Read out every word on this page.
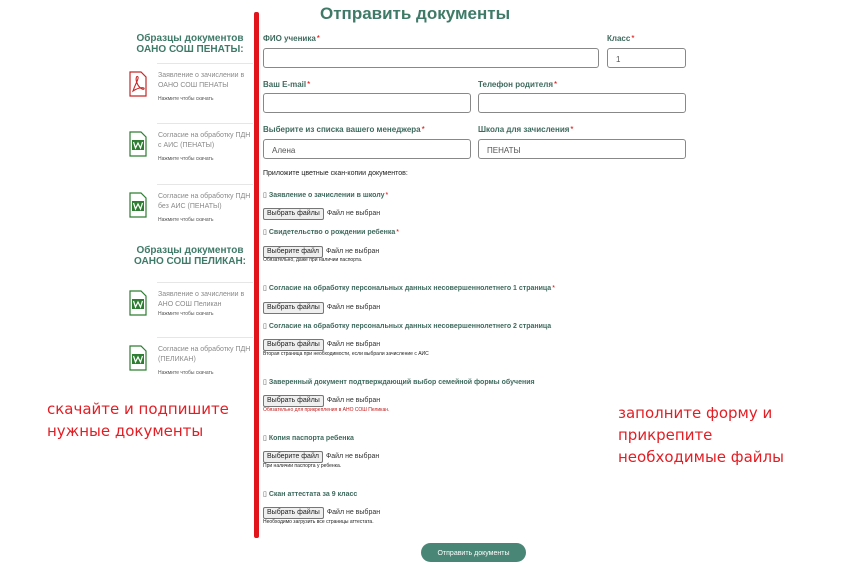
Отправить документы
Образцы документов ОАНО СОШ ПЕНАТЫ:
Заявление о зачислении в ОАНО СОШ ПЕНАТЫ
Нажмите чтобы скачать
Согласие на обработку ПДН с АИС (ПЕНАТЫ)
Нажмите чтобы скачать
Согласие на обработку ПДН без АИС (ПЕНАТЫ)
Нажмите чтобы скачать
Образцы документов ОАНО СОШ ПЕЛИКАН:
Заявление о зачислении в АНО СОШ Пеликан
Нажмите чтобы скачать
Согласие на обработку ПДН (ПЕЛИКАН)
Нажмите чтобы скачать
ФИО ученика*	Класс*
1
Ваш E-mail*	Телефон родителя*
Выберите из списка вашего менеджера*
Алена
Школа для зачисления*
ПЕНАТЫ
Приложите цветные скан-копии документов:
▯ Заявление о зачислении в школу*
Выбрать файлы Файл не выбран
▯ Свидетельство о рождении ребенка*
Выберите файл Файл не выбран
Обязательно, даже при наличии паспорта.
▯ Согласие на обработку персональных данных несовершеннолетнего 1 страница*
Выбрать файлы Файл не выбран
▯ Согласие на обработку персональных данных несовершеннолетнего 2 страница
Выбрать файлы Файл не выбран
Вторая страница при необходимости, если выбрали зачисление с АИС
▯ Заверенный документ подтверждающий выбор семейной формы обучения
Выбрать файлы Файл не выбран
Обязательно для прикрепления в АНО СОШ Пеликан.
▯ Копия паспорта ребенка
Выберите файл Файл не выбран
При наличии паспорта у ребенка.
▯ Скан аттестата за 9 класс
Выбрать файлы Файл не выбран
Необходимо загрузить все страницы аттестата.
Отправить документы
скачайте и подпишите нужные документы
заполните форму и прикрепите необходимые файлы
